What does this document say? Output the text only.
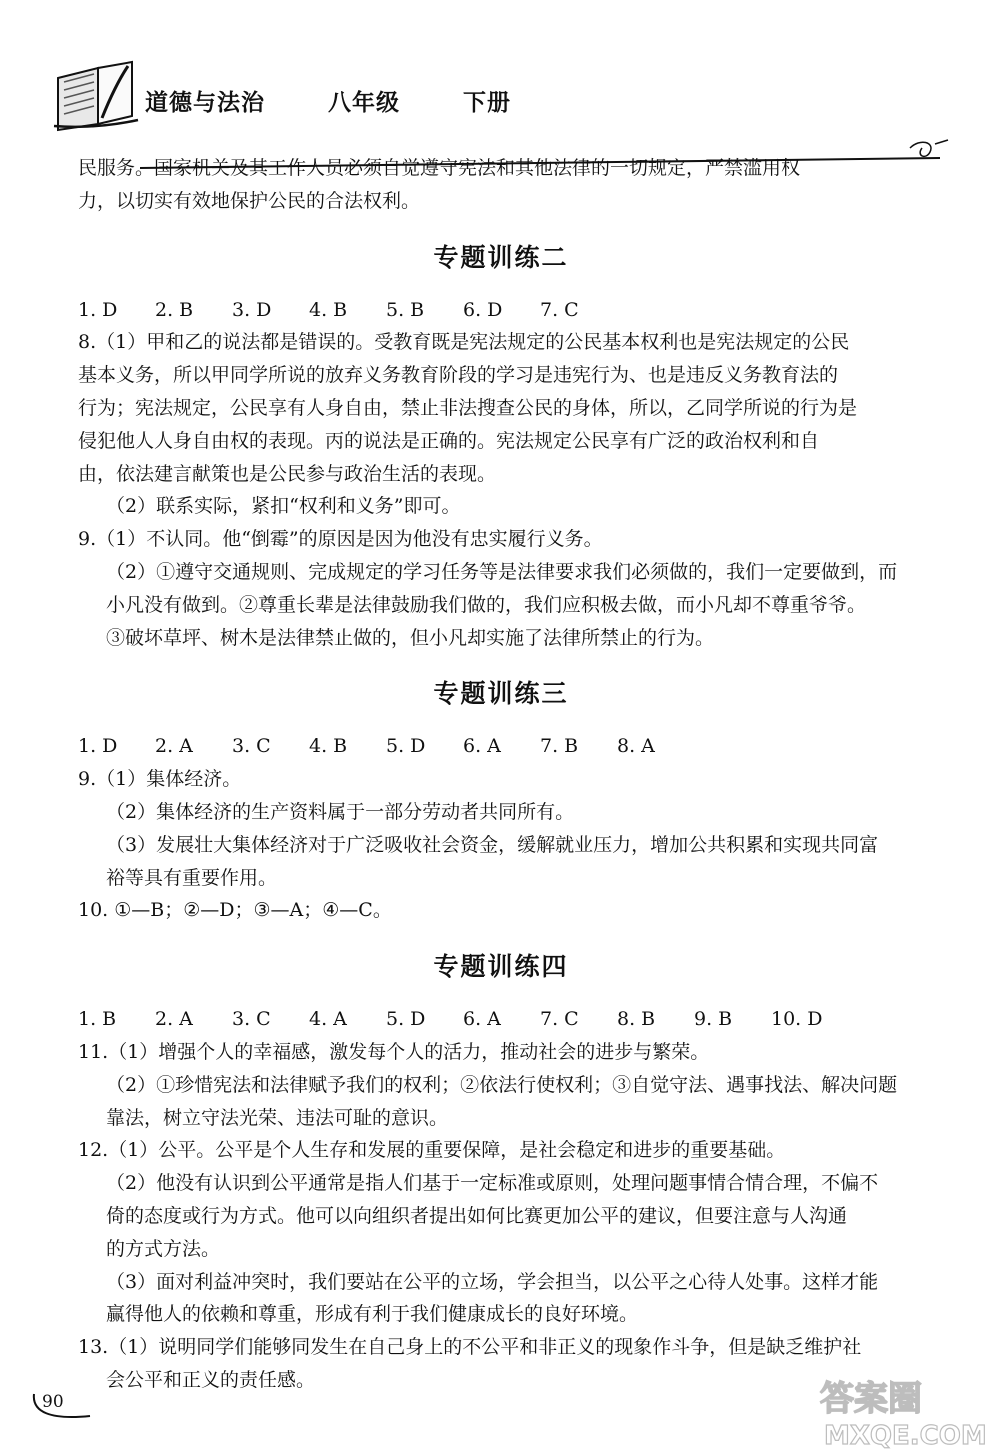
道德与法治   八年级   下册

民服务。国家机关及其工作人员必须自觉遵守宪法和其他法律的一切规定，严禁滥用权
力，以切实有效地保护公民的合法权利。

专题训练二
1. D	2. B	3. D	4. B	5. B	6. D	7. C

8.（1）甲和乙的说法都是错误的。受教育既是宪法规定的公民基本权利也是宪法规定的公民
基本义务，所以甲同学所说的放弃义务教育阶段的学习是违宪行为、也是违反义务教育法的
行为；宪法规定，公民享有人身自由，禁止非法搜查公民的身体，所以，乙同学所说的行为是
侵犯他人人身自由权的表现。丙的说法是正确的。宪法规定公民享有广泛的政治权利和自
由，依法建言献策也是公民参与政治生活的表现。
（2）联系实际，紧扣“权利和义务”即可。

9.（1）不认同。他“倒霉”的原因是因为他没有忠实履行义务。
（2）①遵守交通规则、完成规定的学习任务等是法律要求我们必须做的，我们一定要做到，而
小凡没有做到。②尊重长辈是法律鼓励我们做的，我们应积极去做，而小凡却不尊重爷爷。
③破坏草坪、树木是法律禁止做的，但小凡却实施了法律所禁止的行为。

专题训练三
1. D	2. A	3. C	4. B	5. D	6. A	7. B	8. A

9.（1）集体经济。
（2）集体经济的生产资料属于一部分劳动者共同所有。
（3）发展壮大集体经济对于广泛吸收社会资金，缓解就业压力，增加公共积累和实现共同富
裕等具有重要作用。
10. ①—B；②—D；③—A；④—C。

专题训练四
1. B	2. A	3. C	4. A	5. D	6. A	7. C	8. B	9. B	10. D

11.（1）增强个人的幸福感，激发每个人的活力，推动社会的进步与繁荣。
（2）①珍惜宪法和法律赋予我们的权利；②依法行使权利；③自觉守法、遇事找法、解决问题
靠法，树立守法光荣、违法可耻的意识。

12.（1）公平。公平是个人生存和发展的重要保障，是社会稳定和进步的重要基础。
（2）他没有认识到公平通常是指人们基于一定标准或原则，处理问题事情合情合理，不偏不
倚的态度或行为方式。他可以向组织者提出如何比赛更加公平的建议，但要注意与人沟通
的方式方法。
（3）面对利益冲突时，我们要站在公平的立场，学会担当，以公平之心待人处事。这样才能
赢得他人的依赖和尊重，形成有利于我们健康成长的良好环境。

13.（1）说明同学们能够同发生在自己身上的不公平和非正义的现象作斗争，但是缺乏维护社
会公平和正义的责任感。

90	答案圈
MXQE.COM
